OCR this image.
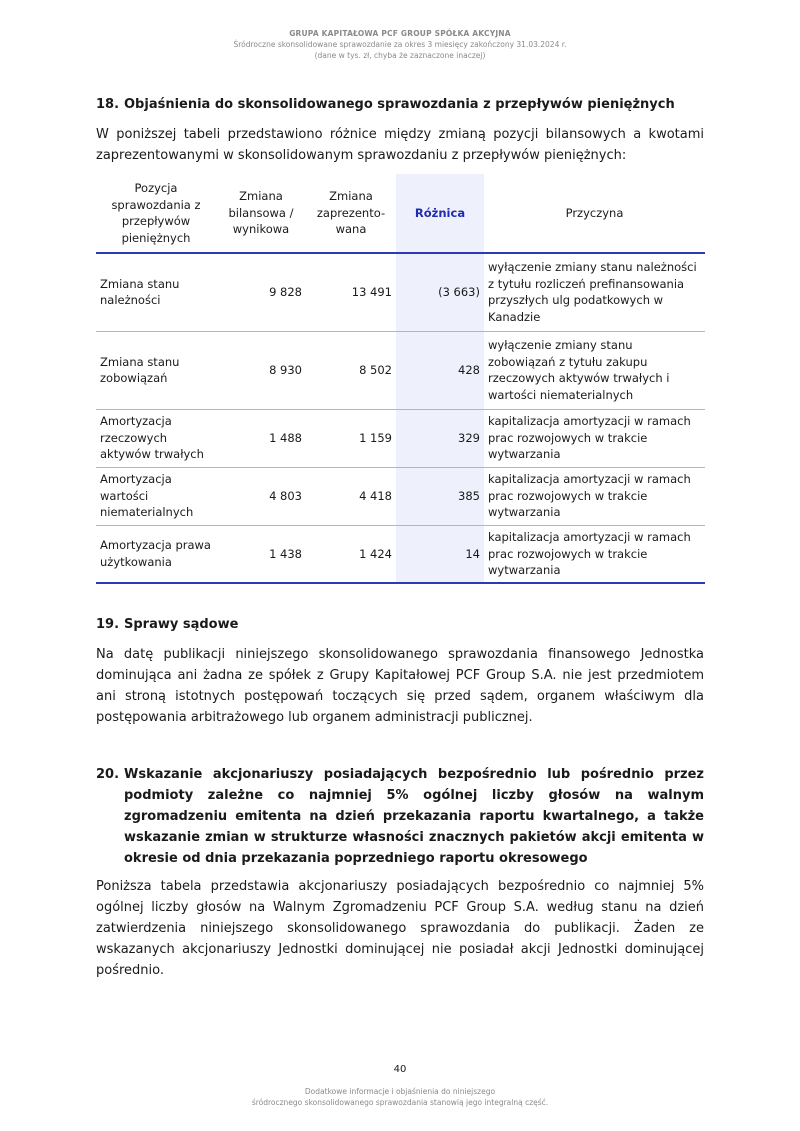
GRUPA KAPITAŁOWA PCF GROUP SPÓŁKA AKCYJNA
Śródroczne skonsolidowane sprawozdanie za okres 3 miesięcy zakończony 31.03.2024 r.
(dane w tys. zł, chyba że zaznaczone inaczej)
18. Objaśnienia do skonsolidowanego sprawozdania z przepływów pieniężnych
W poniższej tabeli przedstawiono różnice między zmianą pozycji bilansowych a kwotami zaprezentowanymi w skonsolidowanym sprawozdaniu z przepływów pieniężnych:
Pozycja sprawozdania z przepływów pieniężnych	Zmiana bilansowa / wynikowa	Zmiana zaprezento-wana	Różnica	Przyczyna
Zmiana stanu należności	9 828	13 491	(3 663)	wyłączenie zmiany stanu należności z tytułu rozliczeń prefinansowania przyszłych ulg podatkowych w Kanadzie
Zmiana stanu zobowiązań	8 930	8 502	428	wyłączenie zmiany stanu zobowiązań z tytułu zakupu rzeczowych aktywów trwałych i wartości niematerialnych
Amortyzacja rzeczowych aktywów trwałych	1 488	1 159	329	kapitalizacja amortyzacji w ramach prac rozwojowych w trakcie wytwarzania
Amortyzacja wartości niematerialnych	4 803	4 418	385	kapitalizacja amortyzacji w ramach prac rozwojowych w trakcie wytwarzania
Amortyzacja prawa użytkowania	1 438	1 424	14	kapitalizacja amortyzacji w ramach prac rozwojowych w trakcie wytwarzania
19. Sprawy sądowe
Na datę publikacji niniejszego skonsolidowanego sprawozdania finansowego Jednostka dominująca ani żadna ze spółek z Grupy Kapitałowej PCF Group S.A. nie jest przedmiotem ani stroną istotnych postępowań toczących się przed sądem, organem właściwym dla postępowania arbitrażowego lub organem administracji publicznej.
20. Wskazanie akcjonariuszy posiadających bezpośrednio lub pośrednio przez podmioty zależne co najmniej 5% ogólnej liczby głosów na walnym zgromadzeniu emitenta na dzień przekazania raportu kwartalnego, a także wskazanie zmian w strukturze własności znacznych pakietów akcji emitenta w okresie od dnia przekazania poprzedniego raportu okresowego
Poniższa tabela przedstawia akcjonariuszy posiadających bezpośrednio co najmniej 5% ogólnej liczby głosów na Walnym Zgromadzeniu PCF Group S.A. według stanu na dzień zatwierdzenia niniejszego skonsolidowanego sprawozdania do publikacji. Żaden ze wskazanych akcjonariuszy Jednostki dominującej nie posiadał akcji Jednostki dominującej pośrednio.
40
Dodatkowe informacje i objaśnienia do niniejszego
śródrocznego skonsolidowanego sprawozdania stanowią jego integralną część.
